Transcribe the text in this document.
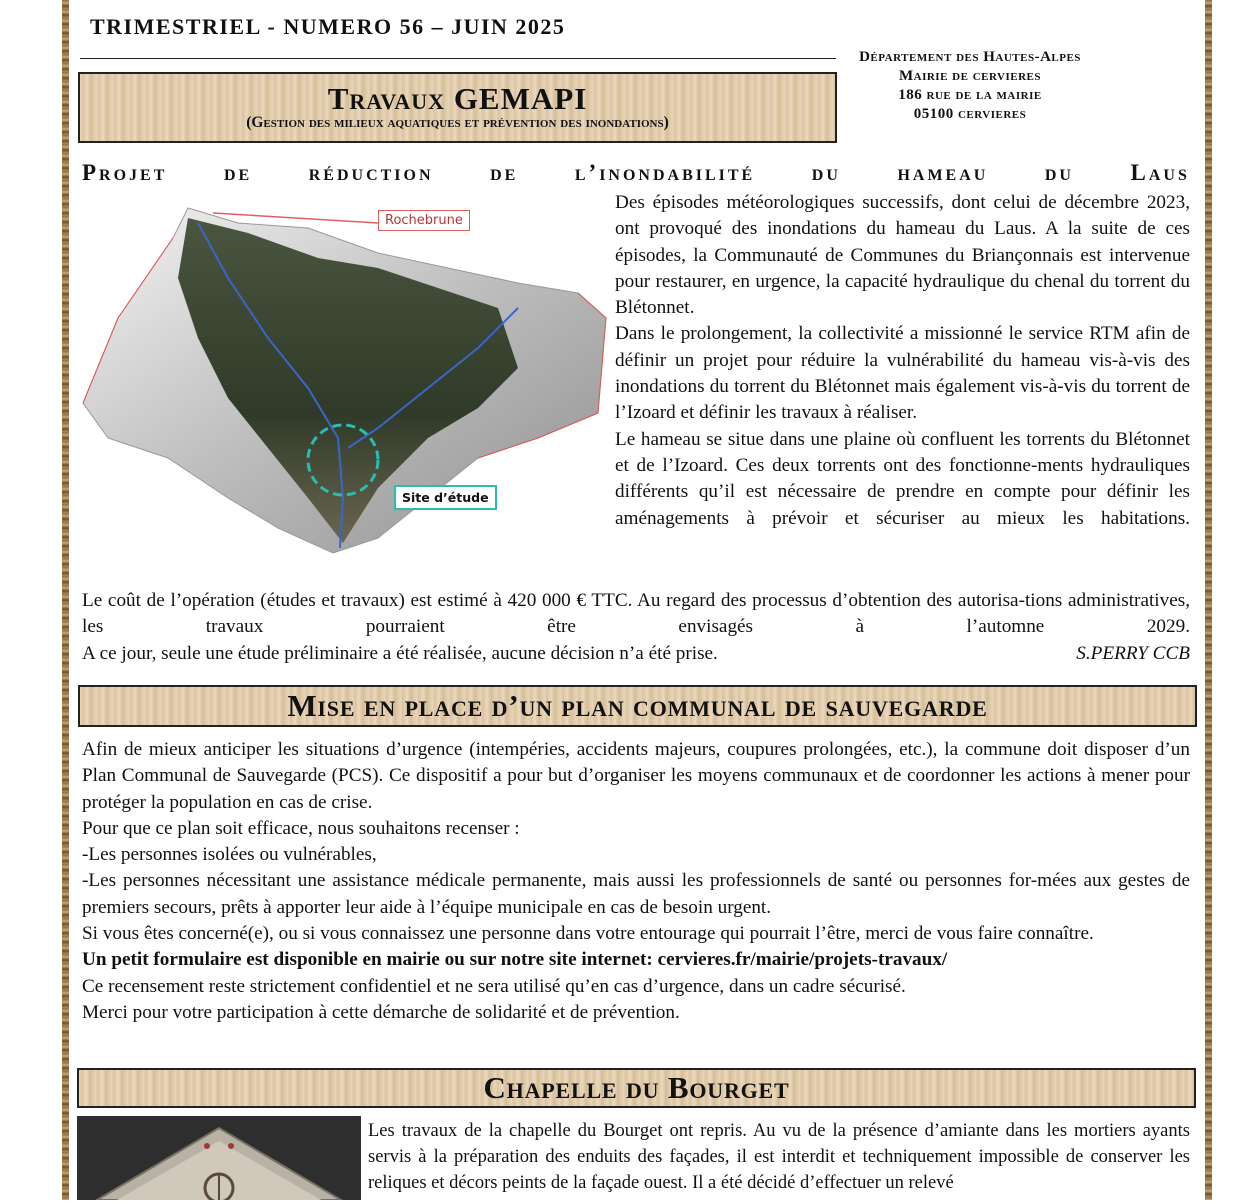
TRIMESTRIEL - NUMERO 56 – JUIN 2025
Département des Hautes-Alpes
Mairie de cervieres
186 rue de la mairie
05100 cervieres
Travaux GEMAPI
(Gestion des milieux aquatiques et prévention des inondations)
Projet de réduction de l’inondabilité du hameau du Laus
Rochebrune
Site d’étude

Des épisodes météorologiques successifs, dont celui de décembre 2023, ont provoqué des inondations du hameau du Laus. A la suite de ces épisodes, la Communauté de Communes du Briançonnais est intervenue pour restaurer, en urgence, la capacité hydraulique du chenal du torrent du Blétonnet.

Dans le prolongement, la collectivité a missionné le service RTM afin de définir un projet pour réduire la vulnérabilité du hameau vis-à-vis des inondations du torrent du Blétonnet mais également vis-à-vis du torrent de l’Izoard et définir les travaux à réaliser.

Le hameau se situe dans une plaine où confluent les torrents du Blétonnet et de l’Izoard. Ces deux torrents ont des fonctionne-ments hydrauliques différents qu’il est nécessaire de prendre en compte pour définir les aménagements à prévoir et sécuriser au mieux les habitations.

Le coût de l’opération (études et travaux) est estimé à 420 000 € TTC. Au regard des processus d’obtention des autorisa-tions administratives, les travaux pourraient être envisagés à l’automne 2029.

A ce jour, seule une étude préliminaire a été réalisée, aucune décision n’a été prise.	S.PERRY CCB

Mise en place d’un plan communal de sauvegarde

Afin de mieux anticiper les situations d’urgence (intempéries, accidents majeurs, coupures prolongées, etc.), la commune doit disposer d’un Plan Communal de Sauvegarde (PCS). Ce dispositif a pour but d’organiser les moyens communaux et de coordonner les actions à mener pour protéger la population en cas de crise.

Pour que ce plan soit efficace, nous souhaitons recenser :

-Les personnes isolées ou vulnérables,

-Les personnes nécessitant une assistance médicale permanente, mais aussi les professionnels de santé ou personnes for-mées aux gestes de premiers secours, prêts à apporter leur aide à l’équipe municipale en cas de besoin urgent.

Si vous êtes concerné(e), ou si vous connaissez une personne dans votre entourage qui pourrait l’être, merci de vous faire connaître.

Un petit formulaire est disponible en mairie ou sur notre site internet: cervieres.fr/mairie/projets-travaux/

Ce recensement reste strictement confidentiel et ne sera utilisé qu’en cas d’urgence, dans un cadre sécurisé.

Merci pour votre participation à cette démarche de solidarité et de prévention.

Chapelle du Bourget

Les travaux de la chapelle du Bourget ont repris. Au vu de la présence d’amiante dans les mortiers ayants servis à la préparation des enduits des façades, il est interdit et techniquement impossible de conserver les reliques et décors peints de la façade ouest. Il a été décidé d’effectuer un relevé
